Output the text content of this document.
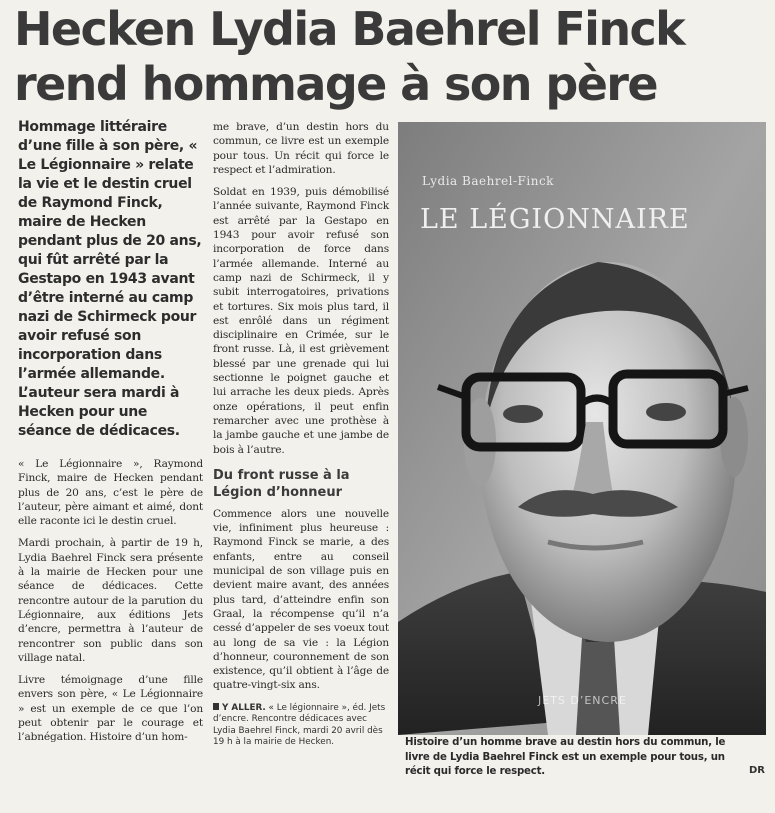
Hecken Lydia Baehrel Finck
rend hommage à son père

Hommage littéraire d’une fille à son père, « Le Légionnaire » relate la vie et le destin cruel de Raymond Finck, maire de Hecken pendant plus de 20 ans, qui fût arrêté par la Gestapo en 1943 avant d’être interné au camp nazi de Schirmeck pour avoir refusé son incorporation dans l’armée allemande. L’auteur sera mardi à Hecken pour une séance de dédicaces.

« Le Légionnaire », Raymond Finck, maire de Hecken pendant plus de 20 ans, c’est le père de l’auteur, père aimant et aimé, dont elle raconte ici le destin cruel.

Mardi prochain, à partir de 19 h, Lydia Baehrel Finck sera présente à la mairie de Hecken pour une séance de dédicaces. Cette rencontre autour de la parution du Légionnaire, aux éditions Jets d’encre, permettra à l’auteur de rencontrer son public dans son village natal.

Livre témoignage d’une fille envers son père, « Le Légionnaire » est un exemple de ce que l’on peut obtenir par le courage et l’abnégation. Histoire d’un hom-

me brave, d’un destin hors du commun, ce livre est un exemple pour tous. Un récit qui force le respect et l’admiration.

Soldat en 1939, puis démobilisé l’année suivante, Raymond Finck est arrêté par la Gestapo en 1943 pour avoir refusé son incorporation de force dans l’armée allemande. Interné au camp nazi de Schirmeck, il y subit interrogatoires, privations et tortures. Six mois plus tard, il est enrôlé dans un régiment disciplinaire en Crimée, sur le front russe. Là, il est grièvement blessé par une grenade qui lui sectionne le poignet gauche et lui arrache les deux pieds. Après onze opérations, il peut enfin remarcher avec une prothèse à la jambe gauche et une jambe de bois à l’autre.

Du front russe à la Légion d’honneur

Commence alors une nouvelle vie, infiniment plus heureuse : Raymond Finck se marie, a des enfants, entre au conseil municipal de son village puis en devient maire avant, des années plus tard, d’atteindre enfin son Graal, la récompense qu’il n’a cessé d’appeler de ses voeux tout au long de sa vie : la Légion d’honneur, couronnement de son existence, qu’il obtient à l’âge de quatre-vingt-six ans.

Y ALLER. « Le légionnaire », éd. Jets d’encre. Rencontre dédicaces avec Lydia Baehrel Finck, mardi 20 avril dès 19 h à la mairie de Hecken.
Lydia Baehrel-Finck
LE LÉGIONNAIRE
JETS D’ENCRE
Histoire d’un homme brave au destin hors du commun, le livre de Lydia Baehrel Finck est un exemple pour tous, un récit qui force le respect.	DR
